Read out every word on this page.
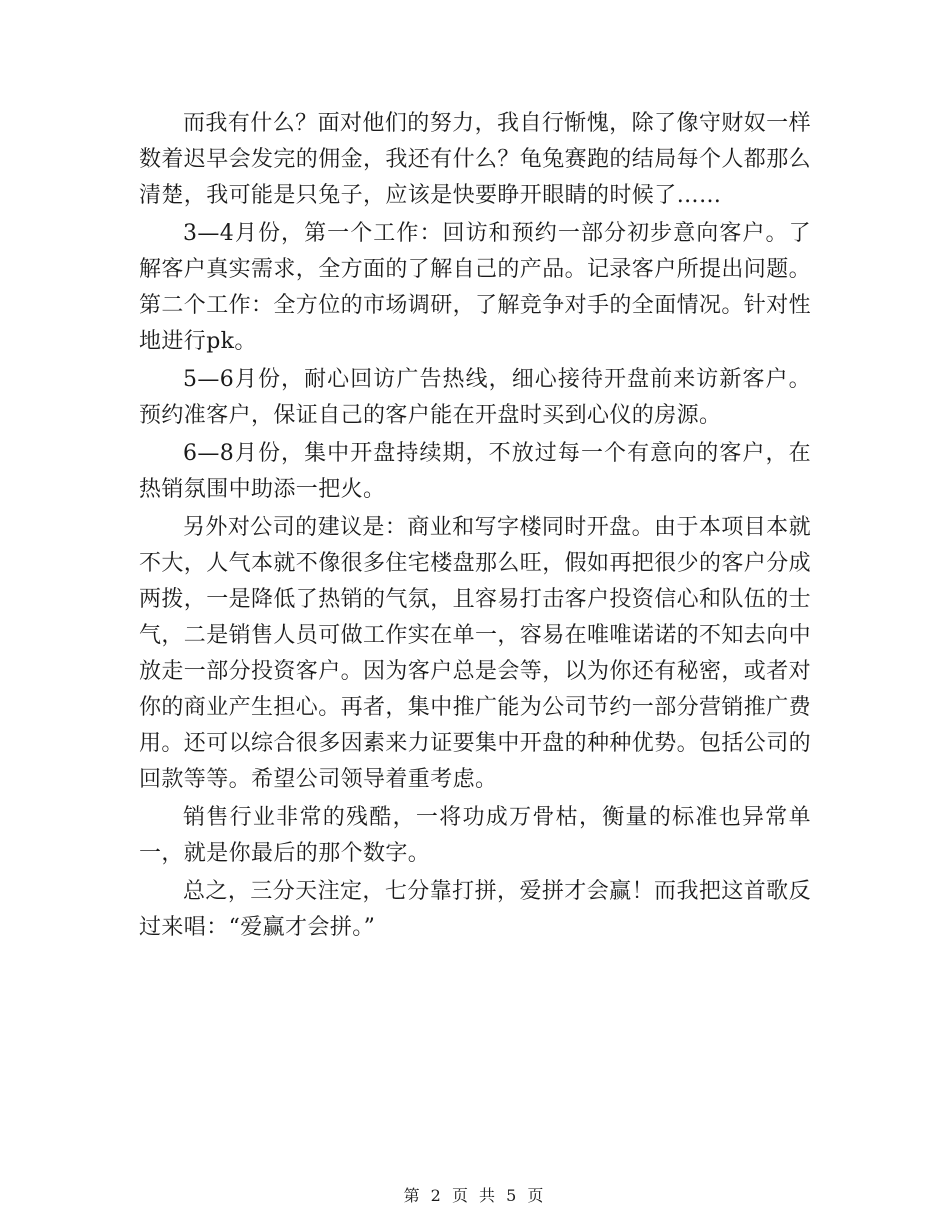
而我有什么？面对他们的努力，我自行惭愧，除了像守财奴一样数着迟早会发完的佣金，我还有什么？龟兔赛跑的结局每个人都那么清楚，我可能是只兔子，应该是快要睁开眼睛的时候了……

3—4月份，第一个工作：回访和预约一部分初步意向客户。了解客户真实需求，全方面的了解自己的产品。记录客户所提出问题。第二个工作：全方位的市场调研，了解竞争对手的全面情况。针对性地进行pk。

5—6月份，耐心回访广告热线，细心接待开盘前来访新客户。预约准客户，保证自己的客户能在开盘时买到心仪的房源。

6—8月份，集中开盘持续期，不放过每一个有意向的客户，在热销氛围中助添一把火。

另外对公司的建议是：商业和写字楼同时开盘。由于本项目本就不大，人气本就不像很多住宅楼盘那么旺，假如再把很少的客户分成两拨，一是降低了热销的气氛，且容易打击客户投资信心和队伍的士气，二是销售人员可做工作实在单一，容易在唯唯诺诺的不知去向中放走一部分投资客户。因为客户总是会等，以为你还有秘密，或者对你的商业产生担心。再者，集中推广能为公司节约一部分营销推广费用。还可以综合很多因素来力证要集中开盘的种种优势。包括公司的回款等等。希望公司领导着重考虑。

销售行业非常的残酷，一将功成万骨枯，衡量的标准也异常单一，就是你最后的那个数字。

总之，三分天注定，七分靠打拼，爱拼才会赢！而我把这首歌反过来唱：“爱赢才会拼。”

第 2 页 共 5 页
